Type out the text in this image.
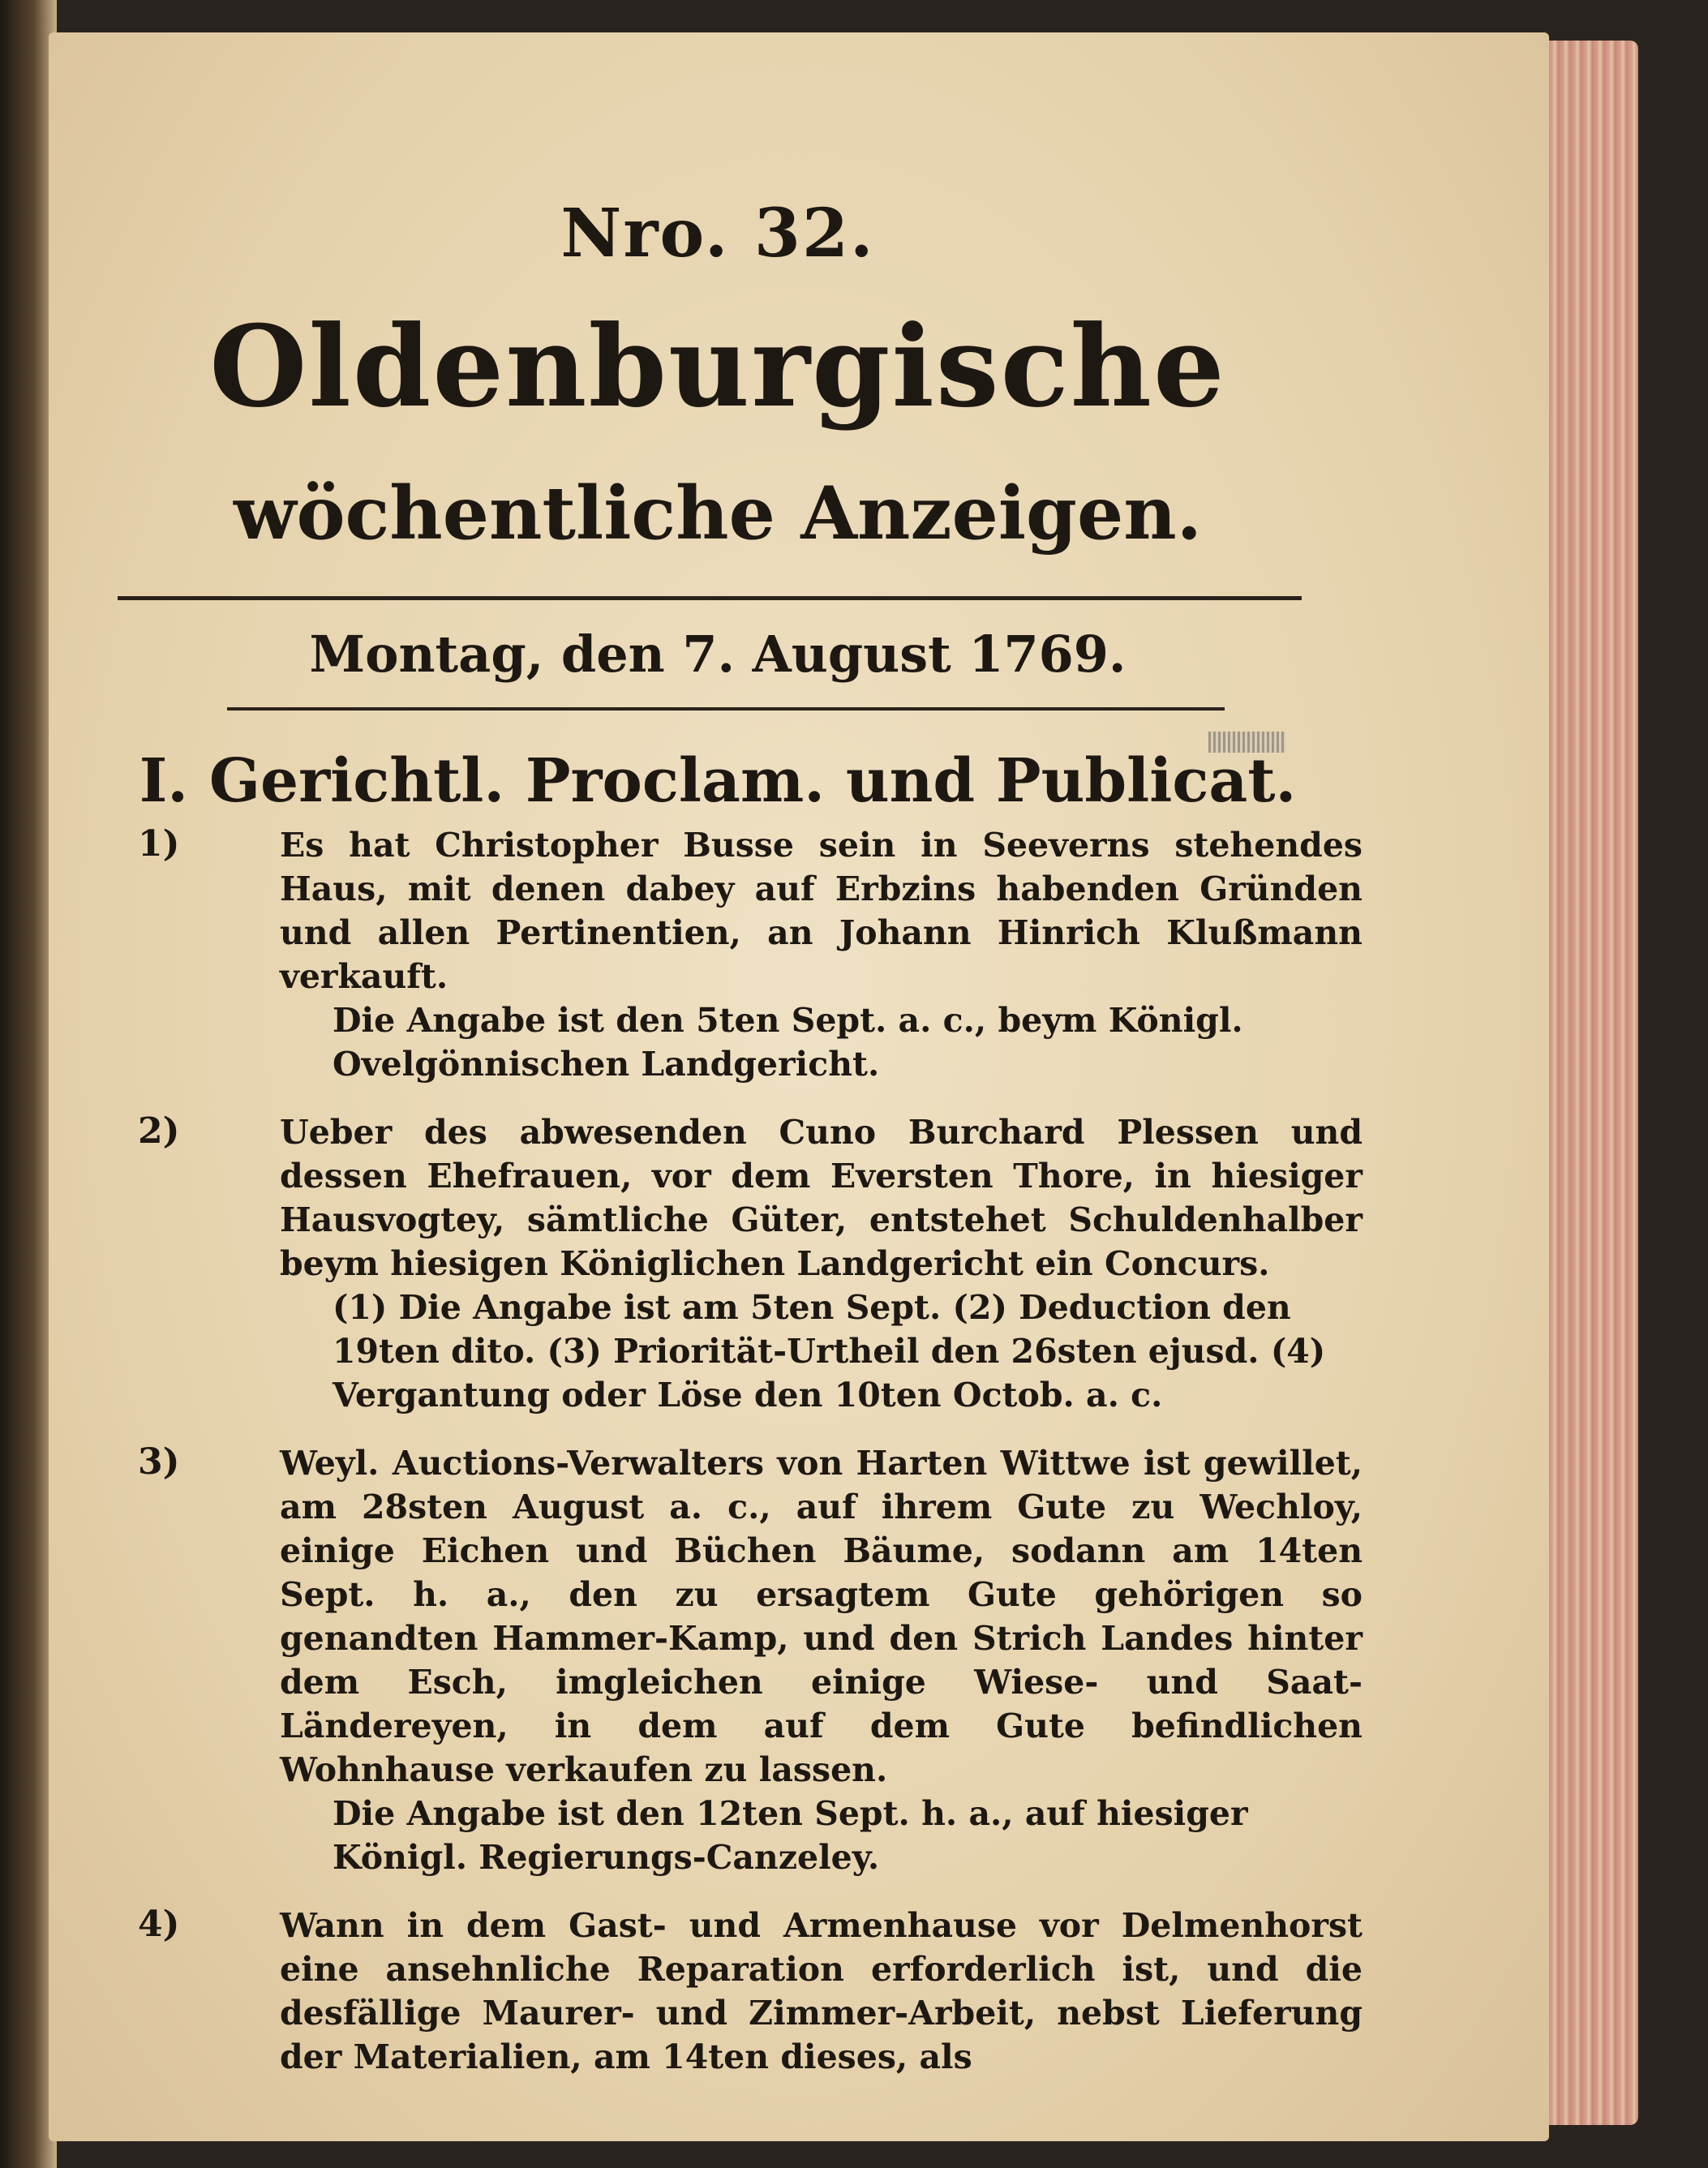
Nro. 32.
Oldenburgische
wöchentliche Anzeigen.
Montag, den 7. August 1769.
I. Gerichtl. Proclam. und Publicat.
1)	Es hat Christopher Busse sein in Seeverns stehendes Haus, mit denen dabey auf Erbzins habenden Gründen und allen Pertinentien, an Johann Hinrich Klußmann verkauft.
Die Angabe ist den 5ten Sept. a. c., beym Königl. Ovelgönnischen Landgericht.
2)	Ueber des abwesenden Cuno Burchard Plessen und dessen Ehefrauen, vor dem Eversten Thore, in hiesiger Hausvogtey, sämtliche Güter, entstehet Schuldenhalber beym hiesigen Königlichen Landgericht ein Concurs.
(1) Die Angabe ist am 5ten Sept. (2) Deduction den 19ten dito. (3) Priorität-Urtheil den 26sten ejusd. (4) Vergantung oder Löse den 10ten Octob. a. c.
3)	Weyl. Auctions-Verwalters von Harten Wittwe ist gewillet, am 28sten August a. c., auf ihrem Gute zu Wechloy, einige Eichen und Büchen Bäume, sodann am 14ten Sept. h. a., den zu ersagtem Gute gehörigen so genandten Hammer-Kamp, und den Strich Landes hinter dem Esch, imgleichen einige Wiese- und Saat-Ländereyen, in dem auf dem Gute befindlichen Wohnhause verkaufen zu lassen.
Die Angabe ist den 12ten Sept. h. a., auf hiesiger Königl. Regierungs-Canzeley.
4)	Wann in dem Gast- und Armenhause vor Delmenhorst eine ansehnliche Reparation erforderlich ist, und die desfällige Maurer- und Zimmer-Arbeit, nebst Lieferung der Materialien, am 14ten dieses, als
